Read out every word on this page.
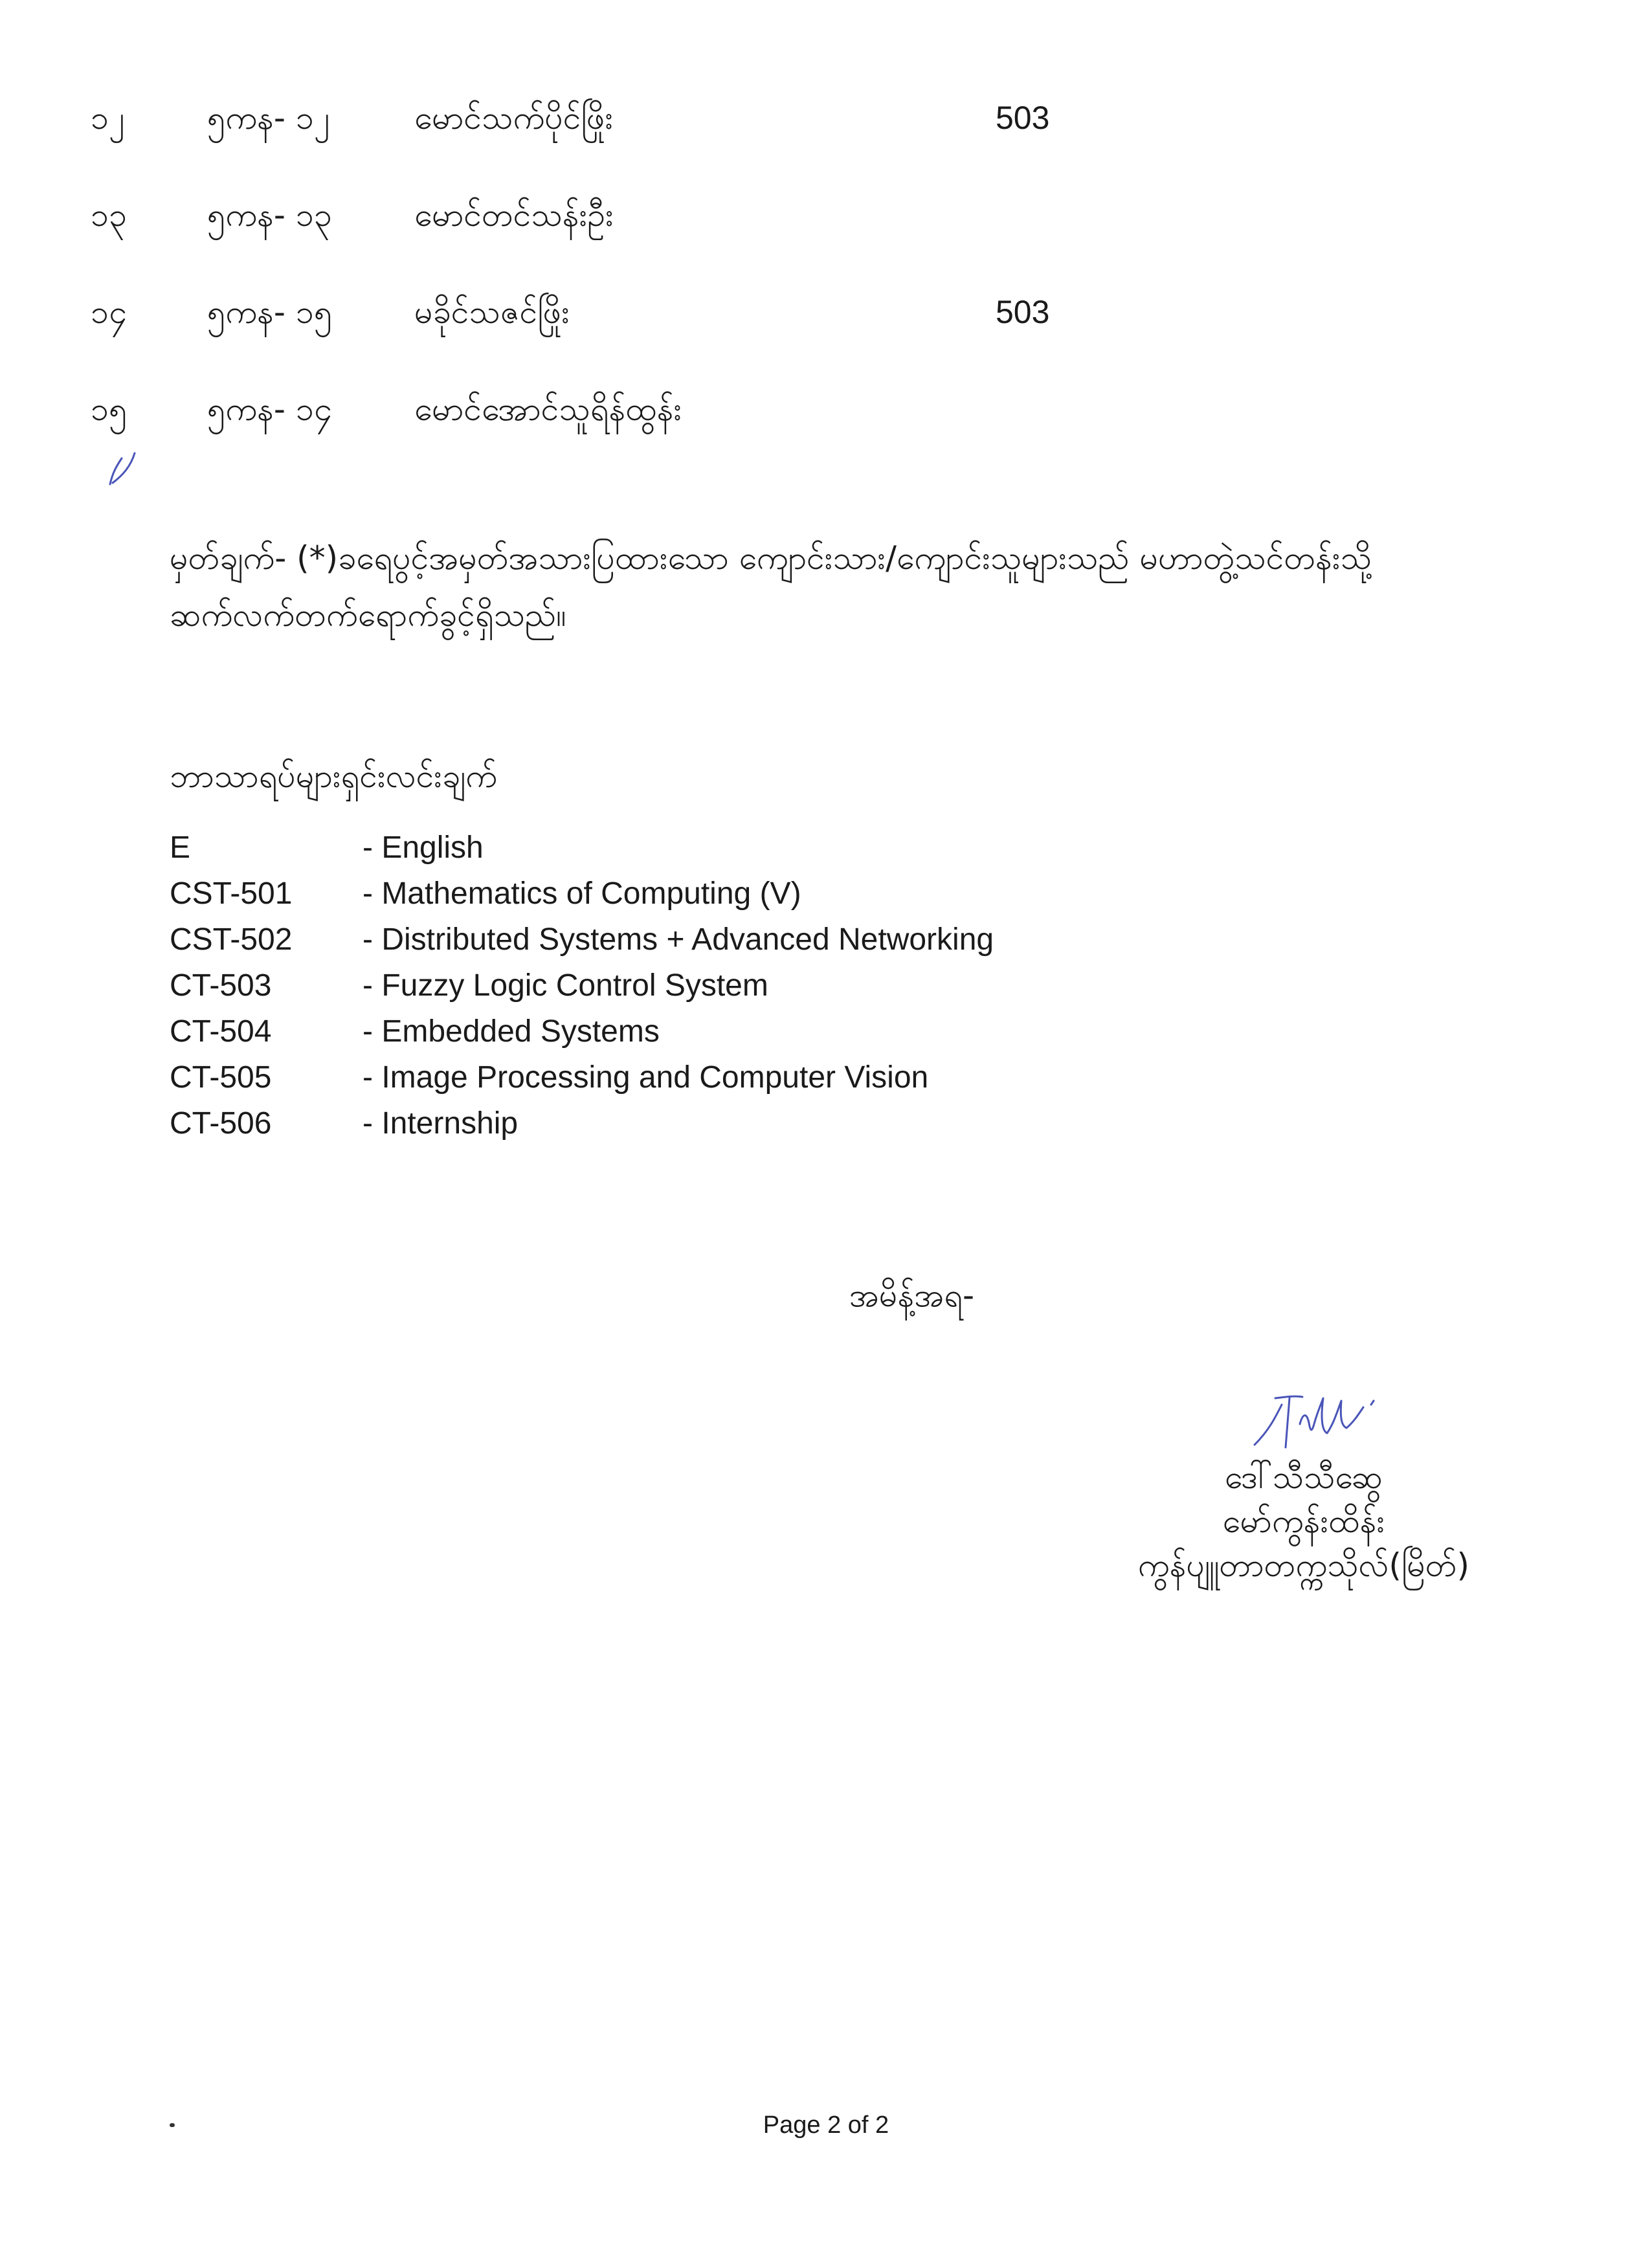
၁၂	၅ကန- ၁၂	မောင်သက်ပိုင်ဖြိုး	503
၁၃ ၅ကန- ၁၃	မောင်တင်သန်းဦး
၁၄ ၅ကန- ၁၅	မခိုင်သဇင်ဖြိုး	503
၁၅ ၅ကန- ၁၄	မောင်အောင်သူရိန်ထွန်း
မှတ်ချက်- (*)ခရေပွင့်အမှတ်အသားပြထားသော ကျောင်းသား/ကျောင်းသူများသည် မဟာတွဲ့သင်တန်းသို့
ဆက်လက်တက်ရောက်ခွင့်ရှိသည်။
ဘာသာရပ်များရှင်းလင်းချက်
E	- English
CST-501	- Mathematics of Computing (V)
CST-502	- Distributed Systems + Advanced Networking
CT-503	- Fuzzy Logic Control System
CT-504	- Embedded Systems
CT-505	- Image Processing and Computer Vision
CT-506	- Internship
အမိန့်အရ-
ဒေါ်သီသီဆွေ
မော်ကွန်းထိန်း
ကွန်ပျူတာတက္ကသိုလ်(မြိတ်)
Page 2 of 2
